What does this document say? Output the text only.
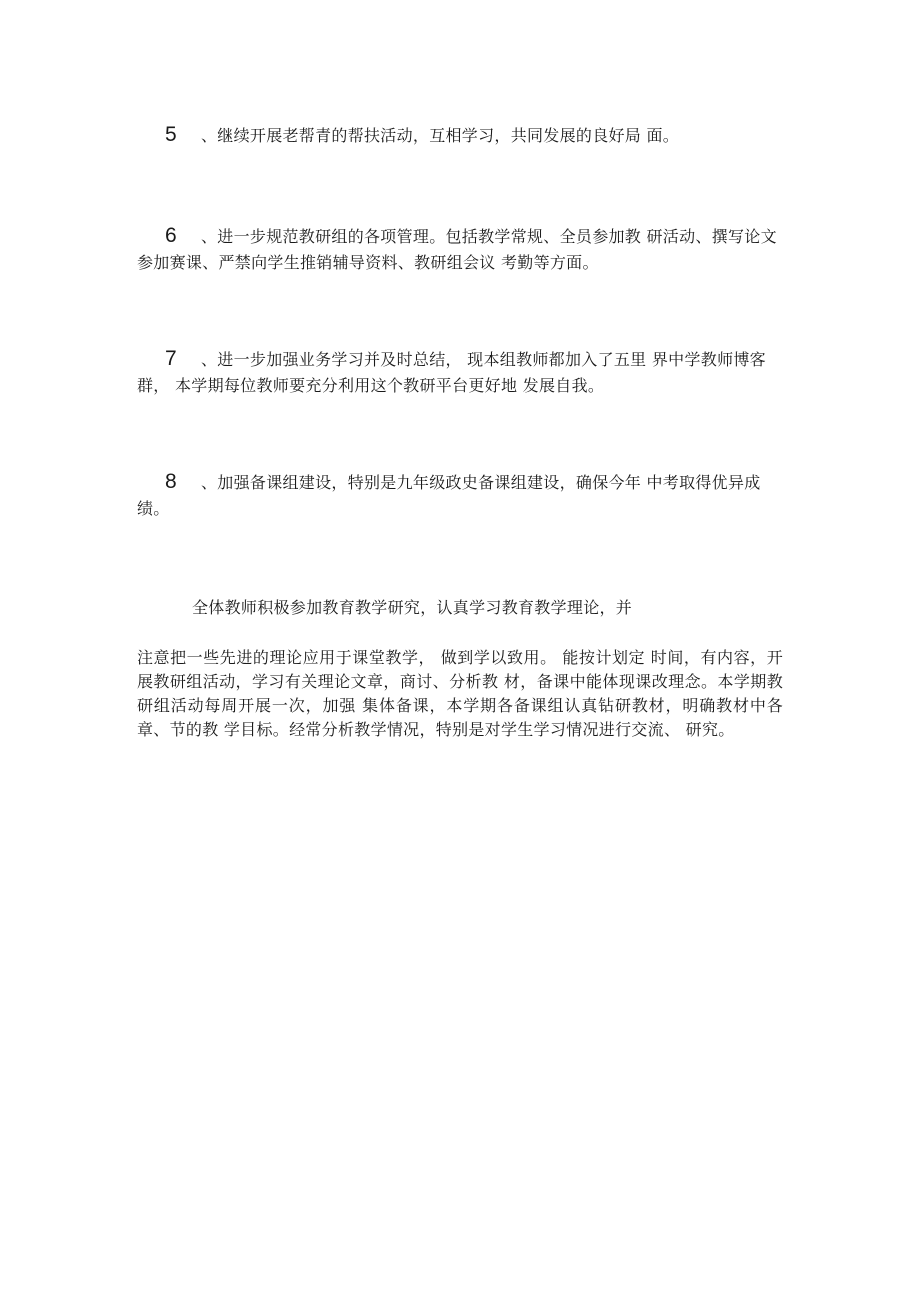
5 、继续开展老帮青的帮扶活动，互相学习，共同发展的良好局 面。
6 、进一步规范教研组的各项管理。包括教学常规、全员参加教 研活动、撰写论文参加赛课、严禁向学生推销辅导资料、教研组会议 考勤等方面。
7 、进一步加强业务学习并及时总结， 现本组教师都加入了五里 界中学教师博客群， 本学期每位教师要充分利用这个教研平台更好地 发展自我。
8 、加强备课组建设，特别是九年级政史备课组建设，确保今年 中考取得优异成绩。
全体教师积极参加教育教学研究，认真学习教育教学理论，并
注意把一些先进的理论应用于课堂教学， 做到学以致用。 能按计划定 时间，有内容，开展教研组活动，学习有关理论文章，商讨、分析教 材，备课中能体现课改理念。本学期教研组活动每周开展一次，加强 集体备课，本学期各备课组认真钻研教材，明确教材中各章、节的教 学目标。经常分析教学情况，特别是对学生学习情况进行交流、 研究。
